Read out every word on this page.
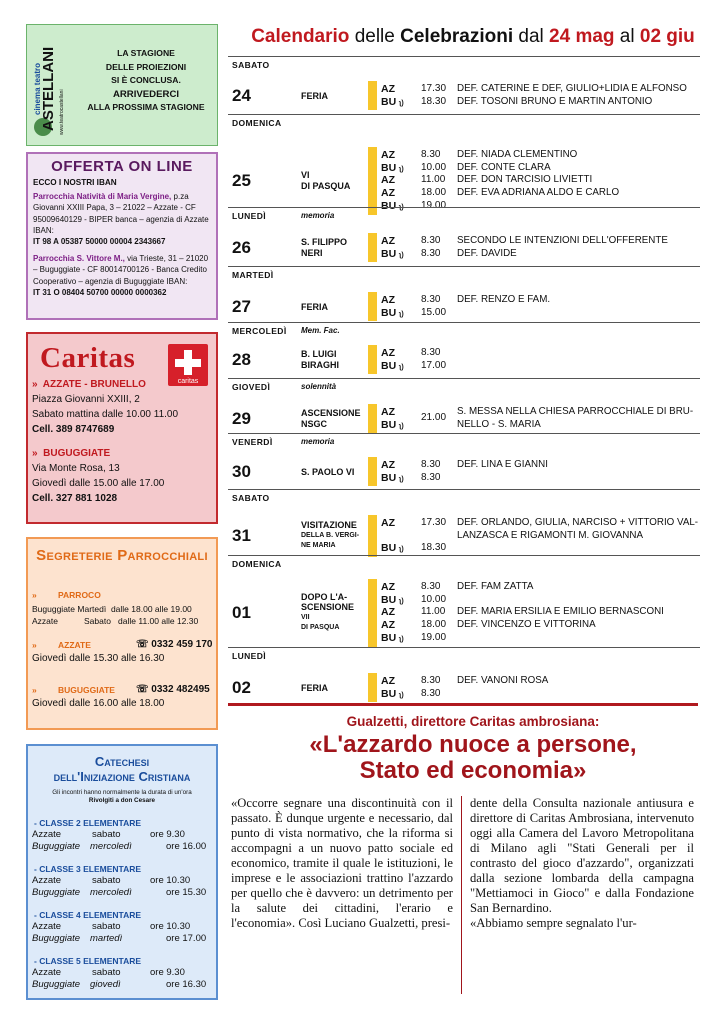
cinema teatro
ASTELLANI www.teatrocastellani
LA STAGIONE
DELLE PROIEZIONI
SI È CONCLUSA.
ARRIVEDERCI
ALLA PROSSIMA STAGIONE
OFFERTA ON LINE
ECCO I NOSTRI IBAN
Parrocchia Natività di Maria Vergine, p.za Giovanni XXIII Papa, 3 – 21022 – Azzate - CF 95009640129 - BIPER banca – agenzia di Azzate IBAN:
IT 98 A 05387 50000 00004 2343667
Parrocchia S. Vittore M., via Trieste, 31 – 21020 – Buguggiate - CF 80014700126 - Banca Credito Cooperativo – agenzia di Buguggiate IBAN:
IT 31 O 08404 50700 00000 0000362
Caritas
caritas
»  AZZATE - BRUNELLO
Piazza Giovanni XXIII, 2
Sabato mattina dalle 10.00 11.00
Cell. 389 8747689
»  BUGUGGIATE
Via Monte Rosa, 13
Giovedì dalle 15.00 alle 17.00
Cell. 327 881 1028
Segreterie Parrocchiali
»         PARROCO
Buguggiate Martedì dalle 18.00 alle 19.00
Azzate	Sabato dalle 11.00 alle 12.30
»         AZZATE	☏ 0332 459 170
Giovedì dalle 15.30 alle 16.30
»         BUGUGGIATE ☏ 0332 482495
Giovedì dalle 16.00 alle 18.00
Catechesi
dell'Iniziazione Cristiana
Gli incontri hanno normalmente la durata di un'ora
Rivolgiti a don Cesare
- CLASSE 2 ELEMENTARE
Azzate	sabato	ore 9.30
Buguggiate mercoledì	ore 16.00
- CLASSE 3 ELEMENTARE
Azzate	sabato	ore 10.30
Buguggiate mercoledì	ore 15.30
- CLASSE 4 ELEMENTARE
Azzate	sabato	ore 10.30
Buguggiate martedì	ore 17.00
- CLASSE 5 ELEMENTARE
Azzate	sabato	ore 9.30
Buguggiate giovedì	ore 16.30
Calendario delle Celebrazioni dal 24 mag al 02 giu
SABATO
24	FERIA
AZ	17.30 DEF. CATERINE E DEF, GIULIO+LIDIA E ALFONSO
BU ʅ) 18.30 DEF. TOSONI BRUNO E MARTIN ANTONIO
DOMENICA
25	VI
DI PASQUA
AZ	8.30 DEF. NIADA CLEMENTINO
BU ʅ) 10.00 DEF. CONTE CLARA
AZ	11.00 DEF. DON TARCISIO LIVIETTI
AZ	18.00 DEF. EVA ADRIANA ALDO E CARLO
BU ʅ) 19.00
LUNEDÌ	memoria
26	S. FILIPPO
NERI
AZ	8.30 SECONDO LE INTENZIONI DELL'OFFERENTE
BU ʅ) 8.30 DEF. DAVIDE
MARTEDÌ
27	FERIA
AZ	8.30 DEF. RENZO E FAM.
BU ʅ) 15.00
MERCOLEDÌ Mem. Fac.
28	B. LUIGI
BIRAGHI
AZ	8.30
BU ʅ) 17.00
GIOVEDÌ	solennità
29	ASCENSIONE
NSGC
AZ
BU ʅ)
21.00
S. MESSA NELLA CHIESA PARROCCHIALE DI BRU-
NELLO - S. MARIA
VENERDÌ	memoria
30	S. PAOLO VI
AZ	8.30 DEF. LINA E GIANNI
BU ʅ) 8.30
SABATO
31
VISITAZIONE
DELLA B. VERGI-
NE MARIA
AZ	17.30 DEF. ORLANDO, GIULIA, NARCISO + VITTORIO VAL-
LANZASCA E RIGAMONTI M. GIOVANNA
BU ʅ) 18.30
DOMENICA
01
DOPO L'A-
SCENSIONE
VII
DI PASQUA
AZ	8.30 DEF. FAM ZATTA
BU ʅ) 10.00
AZ	11.00 DEF. MARIA ERSILIA E EMILIO BERNASCONI
AZ	18.00 DEF. VINCENZO E VITTORINA
BU ʅ) 19.00
LUNEDÌ
02	FERIA
AZ	8.30 DEF. VANONI ROSA
BU ʅ) 8.30
Gualzetti, direttore Caritas ambrosiana:
«L'azzardo nuoce a persone,
Stato ed economia»
«Occorre segnare una discontinuità con il passato. È dunque urgente e necessario, dal punto di vista normativo, che la riforma si accompagni a un nuovo patto sociale ed economico, tramite il quale le istituzioni, le imprese e le associazioni trattino l'azzardo per quello che è davvero: un detrimento per la salute dei cittadini, l'erario e l'economia». Così Luciano Gualzetti, presi-
dente della Consulta nazionale antiusura e direttore di Caritas Ambrosiana, intervenuto oggi alla Camera del Lavoro Metropolitana di Milano agli "Stati Generali per il contrasto del gioco d'azzardo", organizzati dalla sezione lombarda della campagna "Mettiamoci in Gioco" e dalla Fondazione San Bernardino.
«Abbiamo sempre segnalato l'ur-
